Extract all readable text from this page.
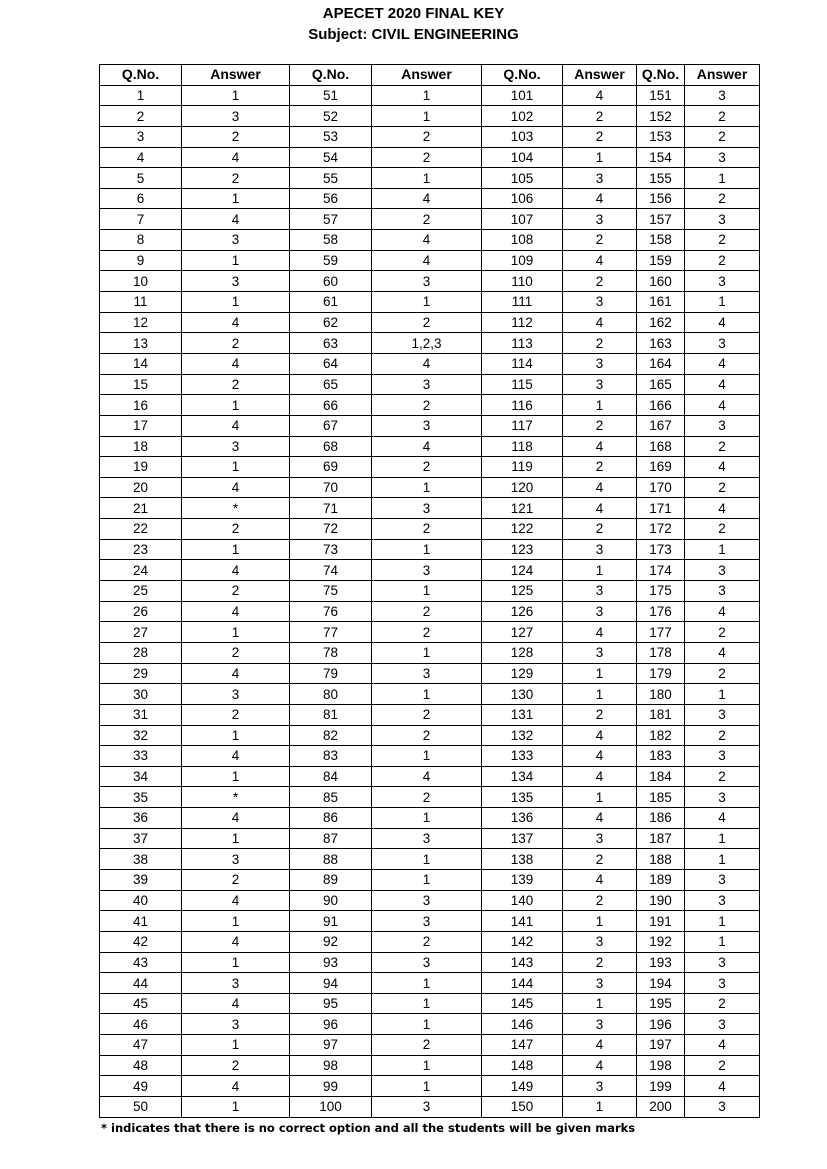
APECET 2020 FINAL KEY
Subject: CIVIL ENGINEERING
Q.No.	Answer	Q.No.	Answer	Q.No.	Answer	Q.No.	Answer
1	1	51	1	101	4	151	3
2	3	52	1	102	2	152	2
3	2	53	2	103	2	153	2
4	4	54	2	104	1	154	3
5	2	55	1	105	3	155	1
6	1	56	4	106	4	156	2
7	4	57	2	107	3	157	3
8	3	58	4	108	2	158	2
9	1	59	4	109	4	159	2
10	3	60	3	110	2	160	3
11	1	61	1	111	3	161	1
12	4	62	2	112	4	162	4
13	2	63	1,2,3	113	2	163	3
14	4	64	4	114	3	164	4
15	2	65	3	115	3	165	4
16	1	66	2	116	1	166	4
17	4	67	3	117	2	167	3
18	3	68	4	118	4	168	2
19	1	69	2	119	2	169	4
20	4	70	1	120	4	170	2
21	*	71	3	121	4	171	4
22	2	72	2	122	2	172	2
23	1	73	1	123	3	173	1
24	4	74	3	124	1	174	3
25	2	75	1	125	3	175	3
26	4	76	2	126	3	176	4
27	1	77	2	127	4	177	2
28	2	78	1	128	3	178	4
29	4	79	3	129	1	179	2
30	3	80	1	130	1	180	1
31	2	81	2	131	2	181	3
32	1	82	2	132	4	182	2
33	4	83	1	133	4	183	3
34	1	84	4	134	4	184	2
35	*	85	2	135	1	185	3
36	4	86	1	136	4	186	4
37	1	87	3	137	3	187	1
38	3	88	1	138	2	188	1
39	2	89	1	139	4	189	3
40	4	90	3	140	2	190	3
41	1	91	3	141	1	191	1
42	4	92	2	142	3	192	1
43	1	93	3	143	2	193	3
44	3	94	1	144	3	194	3
45	4	95	1	145	1	195	2
46	3	96	1	146	3	196	3
47	1	97	2	147	4	197	4
48	2	98	1	148	4	198	2
49	4	99	1	149	3	199	4
50	1	100	3	150	1	200	3
* indicates that there is no correct option and all the students will be given marks
